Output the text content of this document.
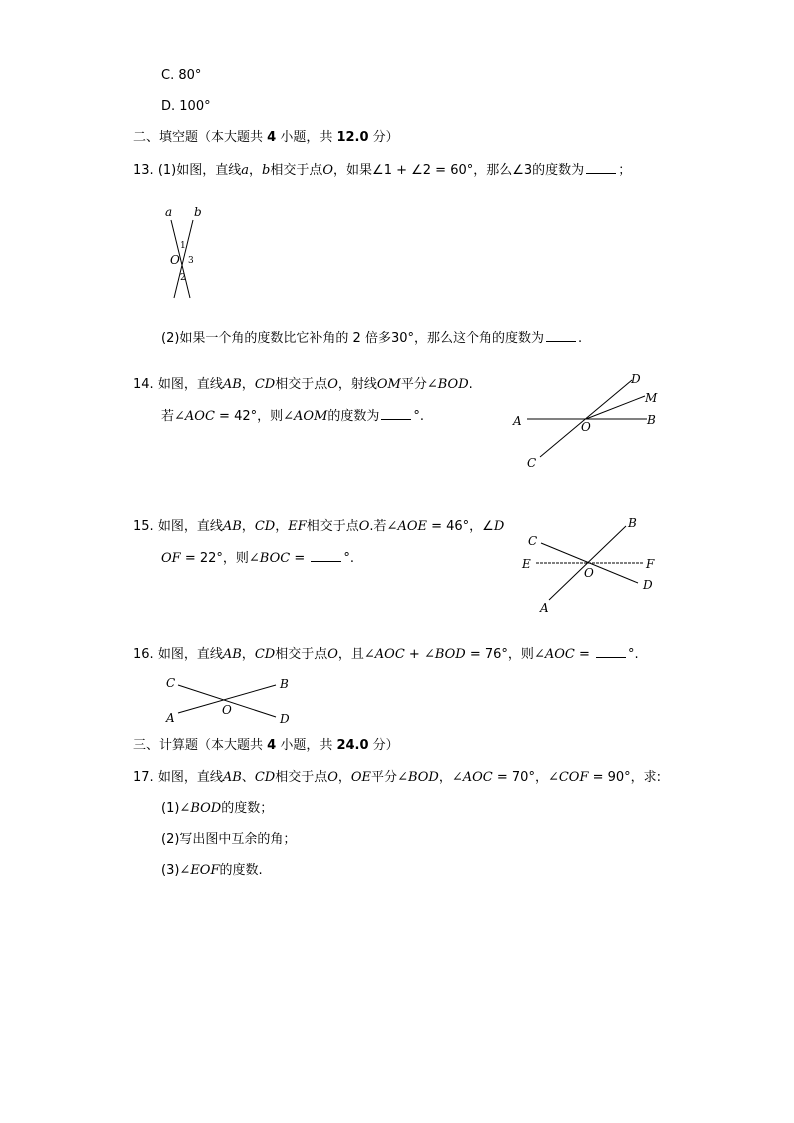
C. 80°
D. 100°
二、填空题（本大题共 4 小题，共 12.0 分）
13. (1)如图，直线a，b相交于点O，如果∠1 + ∠2 = 60°，那么∠3的度数为	；
a b
O
1
2
3
(2)如果一个角的度数比它补角的 2 倍多30°，那么这个角的度数为	.
14. 如图，直线AB，CD相交于点O，射线OM平分∠BOD.
若∠AOC = 42°，则∠AOM的度数为	°.	A	B
C
D
M
O
15. 如图，直线AB，CD，EF相交于点O.若∠AOE = 46°，∠D
OF = 22°，则∠BOC =	°.
A
B
C
D
E	F
O
16. 如图，直线AB，CD相交于点O，且∠AOC + ∠BOD = 76°，则∠AOC =	°.
C	B
A	D
O
三、计算题（本大题共 4 小题，共 24.0 分）
17. 如图，直线AB、CD相交于点O，OE平分∠BOD，∠AOC = 70°，∠COF = 90°，求:
(1)∠BOD的度数；
(2)写出图中互余的角；
(3)∠EOF的度数.
